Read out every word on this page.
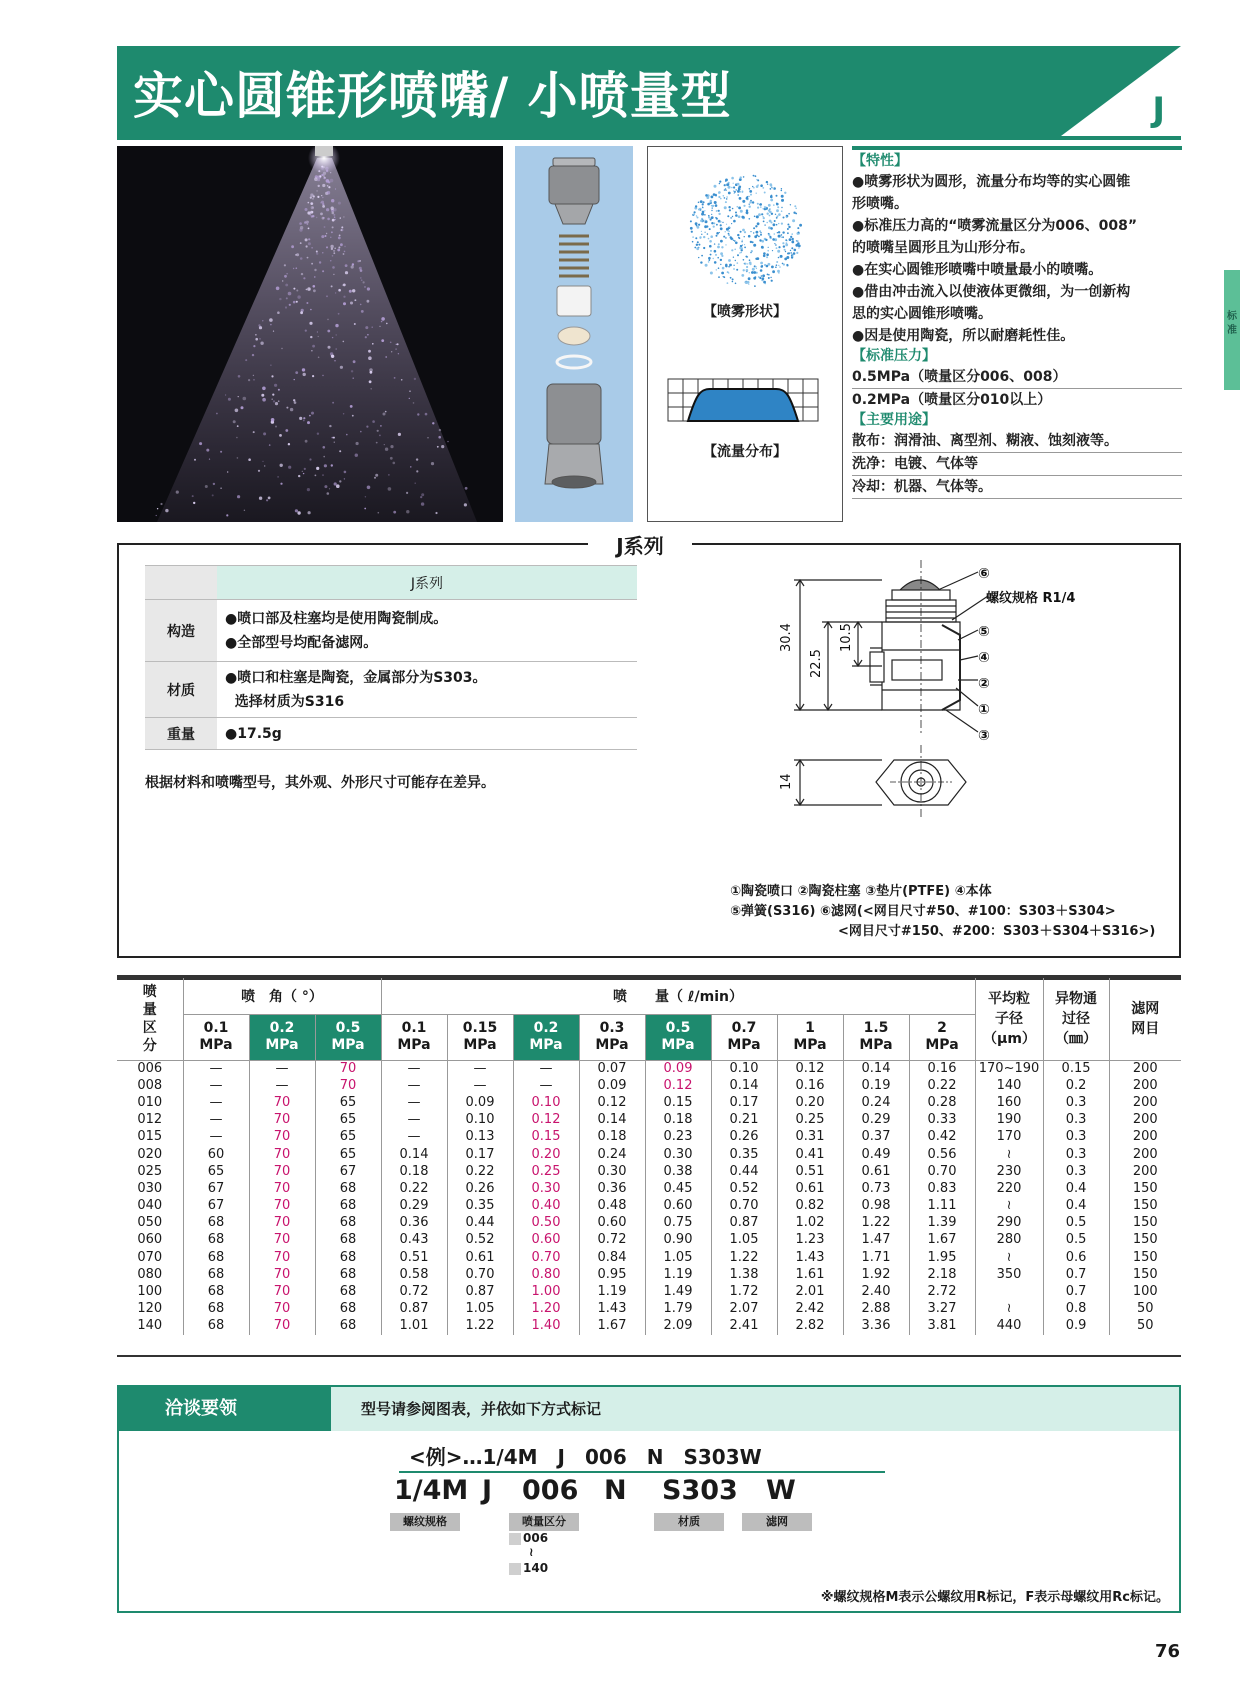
实心圆锥形喷嘴/ 小喷量型	J
【喷雾形状】
【流量分布】
【特性】
●喷雾形状为圆形，流量分布均等的实心圆锥
形喷嘴。
●标准压力高的“喷雾流量区分为006、008”
的喷嘴呈圆形且为山形分布。
●在实心圆锥形喷嘴中喷量最小的喷嘴。
●借由冲击流入以使液体更微细，为一创新构
思的实心圆锥形喷嘴。
●因是使用陶瓷，所以耐磨耗性佳。
【标准压力】
0.5MPa（喷量区分006、008）
0.2MPa（喷量区分010以上）
【主要用途】
散布：润滑油、离型剂、糊液、蚀刻液等。
洗净：电镀、气体等
冷却：机器、气体等。
标准
J系列
	J系列
构造	●喷口部及柱塞均是使用陶瓷制成。
●全部型号均配备滤网。

材质	●喷口和柱塞是陶瓷，金属部分为S303。
选择材质为S316

重量	●17.5g
根据材料和喷嘴型号，其外观、外形尺寸可能存在差异。
30.4
22.5
10.5
14
螺纹规格 R1/4
⑥
⑤
④
②
①
③
①陶瓷喷口 ②陶瓷柱塞 ③垫片(PTFE) ④本体
⑤弹簧(S316) ⑥滤网(<网目尺寸#50、#100：S303＋S304>
<网目尺寸#150、#200：S303＋S304＋S316>)
喷量区分	喷　角（ °）			喷　　量（ ℓ/min）									平均粒子径（μm）	异物通过径（㎜）	滤网网目

	0.1
MPa	0.2
MPa	0.5
MPa	0.1
MPa	0.15
MPa	0.2
MPa	0.3
MPa	0.5
MPa	0.7
MPa	1
MPa	1.5
MPa	2
MPa			
006	—	—	70	—	—	—	0.07	0.09	0.10	0.12	0.14	0.16	170~190	0.15	200
008	—	—	70	—	—	—	0.09	0.12	0.14	0.16	0.19	0.22	140	0.2	200
010	—	70	65	—	0.09	0.10	0.12	0.15	0.17	0.20	0.24	0.28	160	0.3	200
012	—	70	65	—	0.10	0.12	0.14	0.18	0.21	0.25	0.29	0.33	190	0.3	200
015	—	70	65	—	0.13	0.15	0.18	0.23	0.26	0.31	0.37	0.42	170	0.3	200
020	60	70	65	0.14	0.17	0.20	0.24	0.30	0.35	0.41	0.49	0.56	≀	0.3	200
025	65	70	67	0.18	0.22	0.25	0.30	0.38	0.44	0.51	0.61	0.70	230	0.3	200
030	67	70	68	0.22	0.26	0.30	0.36	0.45	0.52	0.61	0.73	0.83	220	0.4	150
040	67	70	68	0.29	0.35	0.40	0.48	0.60	0.70	0.82	0.98	1.11	≀	0.4	150
050	68	70	68	0.36	0.44	0.50	0.60	0.75	0.87	1.02	1.22	1.39	290	0.5	150
060	68	70	68	0.43	0.52	0.60	0.72	0.90	1.05	1.23	1.47	1.67	280	0.5	150
070	68	70	68	0.51	0.61	0.70	0.84	1.05	1.22	1.43	1.71	1.95	≀	0.6	150
080	68	70	68	0.58	0.70	0.80	0.95	1.19	1.38	1.61	1.92	2.18	350	0.7	150
100	68	70	68	0.72	0.87	1.00	1.19	1.49	1.72	2.01	2.40	2.72		0.7	100
120	68	70	68	0.87	1.05	1.20	1.43	1.79	2.07	2.42	2.88	3.27	≀	0.8	50
140	68	70	68	1.01	1.22	1.40	1.67	2.09	2.41	2.82	3.36	3.81	440	0.9	50
洽谈要领	型号请参阅图表，并依如下方式标记
<例>…1/4M　J　006　N　S303W
1/4M J 006 N S303 W
螺纹规格	喷量区分	材质	滤网
006
≀
140
※螺纹规格M表示公螺纹用R标记，F表示母螺纹用Rc标记。
76
